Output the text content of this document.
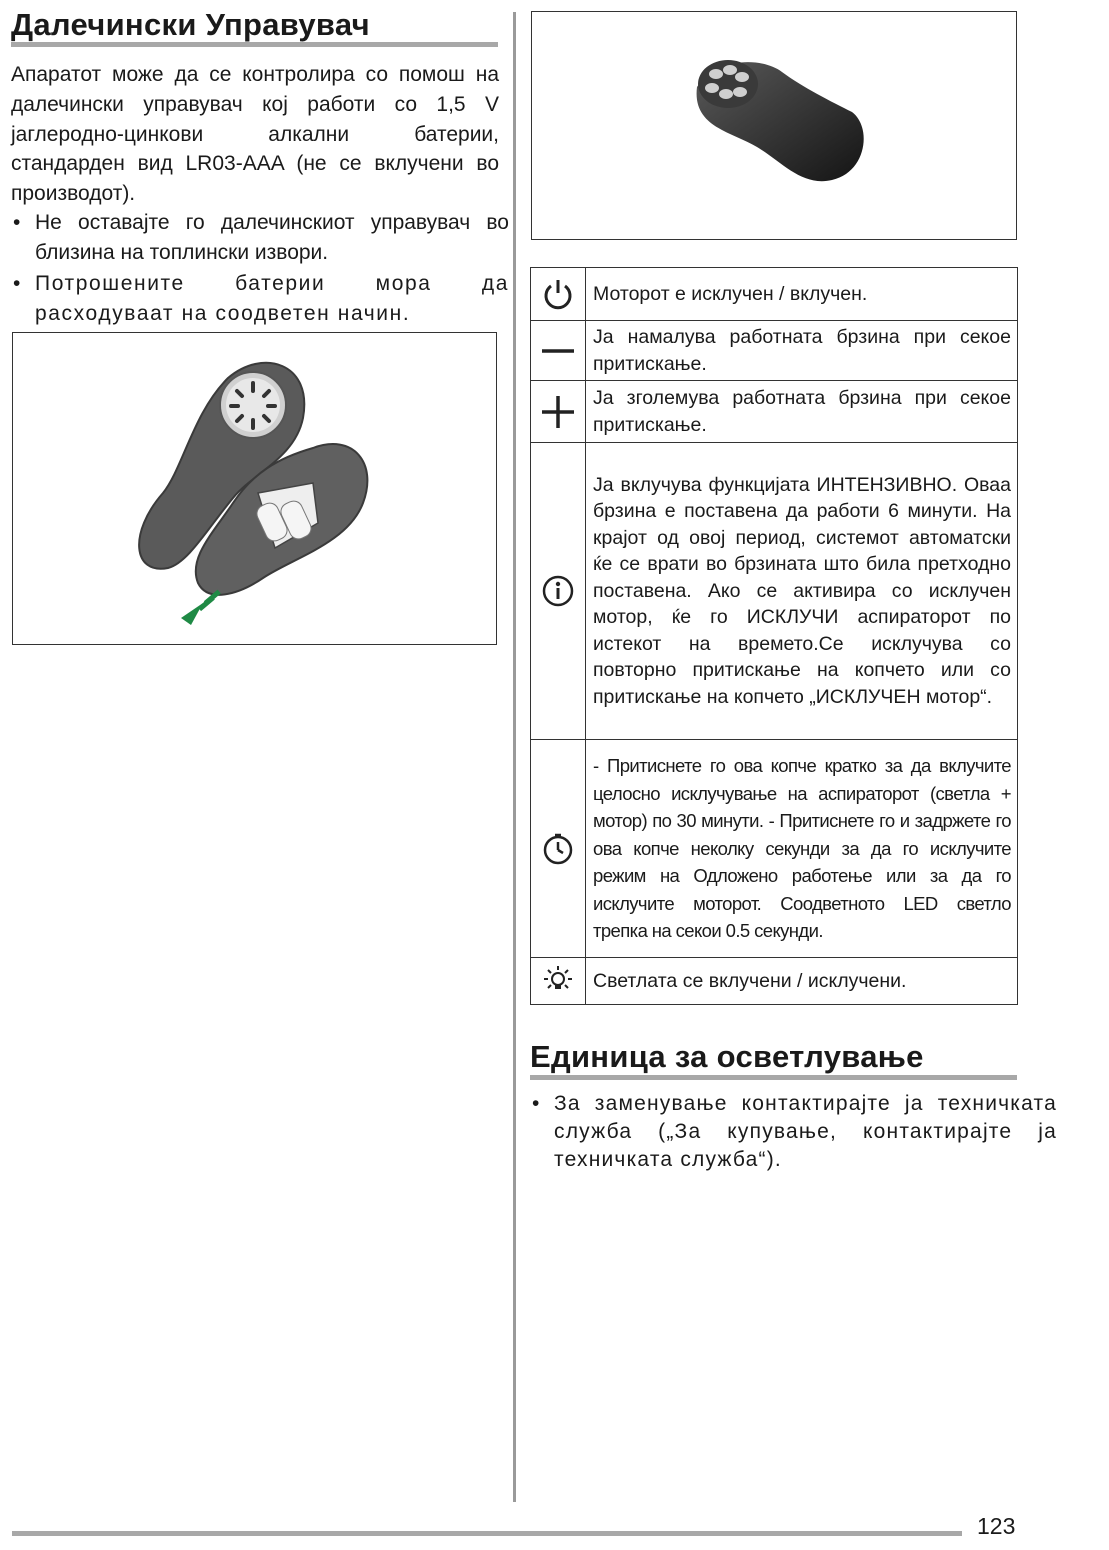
Далечински Управувач

Апаратот може да се контролира со помош на далечински управувач кој работи со 1,5 V јаглеродно-цинкови алкални батерии, стандарден вид LR03-AAA (не се вклучени во производот).

• Не оставајте го далечинскиот управувач во близина на топлински извори.
• Потрошените батерии мора да расходуваат на соодветен начин.
	Моторот е исклучен / вклучен.

	Ја намалува работната брзина при секое притискање.

	Ја зголемува работната брзина при секое притискање.

	Ја вклучува функцијата ИНТЕНЗИВНО. Оваа брзина е поставена да работи 6 минути. На крајот од овој период, системот автоматски ќе се врати во брзината што била претходно поставена. Ако се активира со исклучен мотор, ќе го ИСКЛУЧИ аспираторот по истекот на времето.Се исклучува со повторно притискање на копчето или со притискање на копчето „ИСКЛУЧЕН мотор“.

	- Притиснете го ова копче кратко за да вклучите целосно исклучување на аспираторот (светла + мотор) по 30 минути. - Притиснете го и задржете го ова копче неколку секунди за да го исклучите режим на Одложено работење или за да го исклучите моторот. Соодветното LED светло трепка на секои 0.5 секунди.

	Светлата се вклучени / исклучени.
Единица за осветлување
• За заменување контактирајте ја техничката служба („За купување, контактирајте ја техничката служба“).
123
